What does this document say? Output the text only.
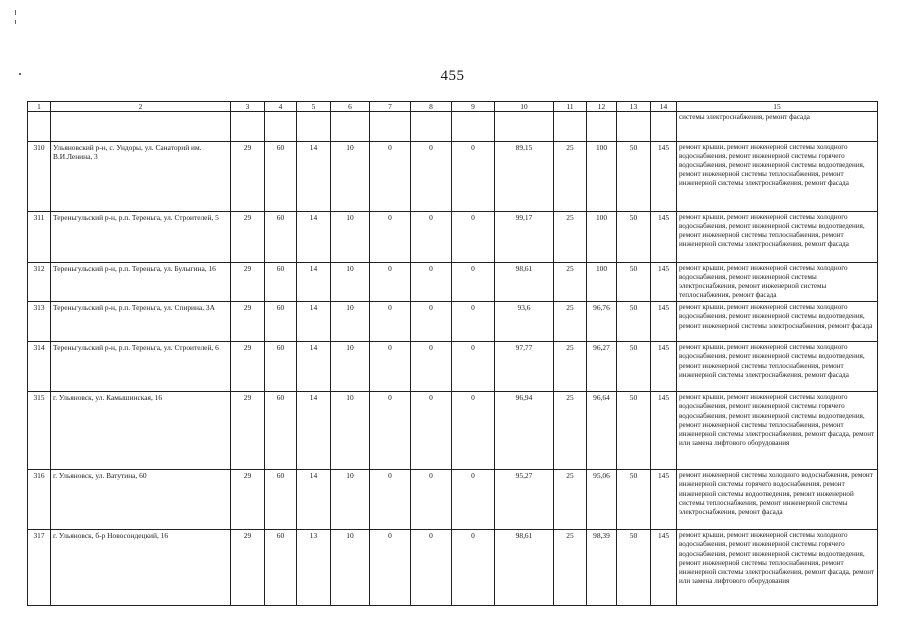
455
1	2	3	4	5	6	7	8	9	10	11	12	13	14	15
														системы электроснабжения, ремонт фасада
310	Ульяновский р-н, с. Ундоры, ул. Санаторий им. В.И.Ленина, 3	29	60	14	10	0	0	0	89,15	25	100	50	145	ремонт крыши, ремонт инженерной системы холодного водоснабжения, ремонт инженерной системы горячего водоснабжения, ремонт инженерной системы водоотведения, ремонт инженерной системы теплоснабжения, ремонт инженерной системы электроснабжения, ремонт фасада
311	Тереньгульский р-н, р.п. Тереньга, ул. Строителей, 5	29	60	14	10	0	0	0	99,17	25	100	50	145	ремонт крыши, ремонт инженерной системы холодного водоснабжения, ремонт инженерной системы водоотведения, ремонт инженерной системы теплоснабжения, ремонт инженерной системы электроснабжения, ремонт фасада
312	Тереньгульский р-н, р.п. Тереньга, ул. Булыгина, 16	29	60	14	10	0	0	0	98,61	25	100	50	145	ремонт крыши, ремонт инженерной системы холодного водоснабжения, ремонт инженерной системы электроснабжения, ремонт инженерной системы теплоснабжения, ремонт фасада
313	Тереньгульский р-н, р.п. Тереньга, ул. Спирина, 3А	29	60	14	10	0	0	0	93,6	25	96,76	50	145	ремонт крыши, ремонт инженерной системы холодного водоснабжения, ремонт инженерной системы водоотведения, ремонт инженерной системы электроснабжения, ремонт фасада
314	Тереньгульский р-н, р.п. Тереньга, ул. Строителей, 6	29	60	14	10	0	0	0	97,77	25	96,27	50	145	ремонт крыши, ремонт инженерной системы холодного водоснабжения, ремонт инженерной системы водоотведения, ремонт инженерной системы теплоснабжения, ремонт инженерной системы электроснабжения, ремонт фасада
315	г. Ульяновск, ул. Камышинская, 16	29	60	14	10	0	0	0	96,94	25	96,64	50	145	ремонт крыши, ремонт инженерной системы холодного водоснабжения, ремонт инженерной системы горячего водоснабжения, ремонт инженерной системы водоотведения, ремонт инженерной системы теплоснабжения, ремонт инженерной системы электроснабжения, ремонт фасада, ремонт или замена лифтового оборудования
316	г. Ульяновск, ул. Ватутина, 60	29	60	14	10	0	0	0	95,27	25	95,06	50	145	ремонт инженерной системы холодного водоснабжения, ремонт инженерной системы горячего водоснабжения, ремонт инженерной системы водоотведения, ремонт инженерной системы теплоснабжения, ремонт инженерной системы электроснабжения, ремонт фасада
317	г. Ульяновск, б-р Новосондецкий, 16	29	60	13	10	0	0	0	98,61	25	98,39	50	145	ремонт крыши, ремонт инженерной системы холодного водоснабжения, ремонт инженерной системы горячего водоснабжения, ремонт инженерной системы водоотведения, ремонт инженерной системы теплоснабжения, ремонт инженерной системы электроснабжения, ремонт фасада, ремонт или замена лифтового оборудования
